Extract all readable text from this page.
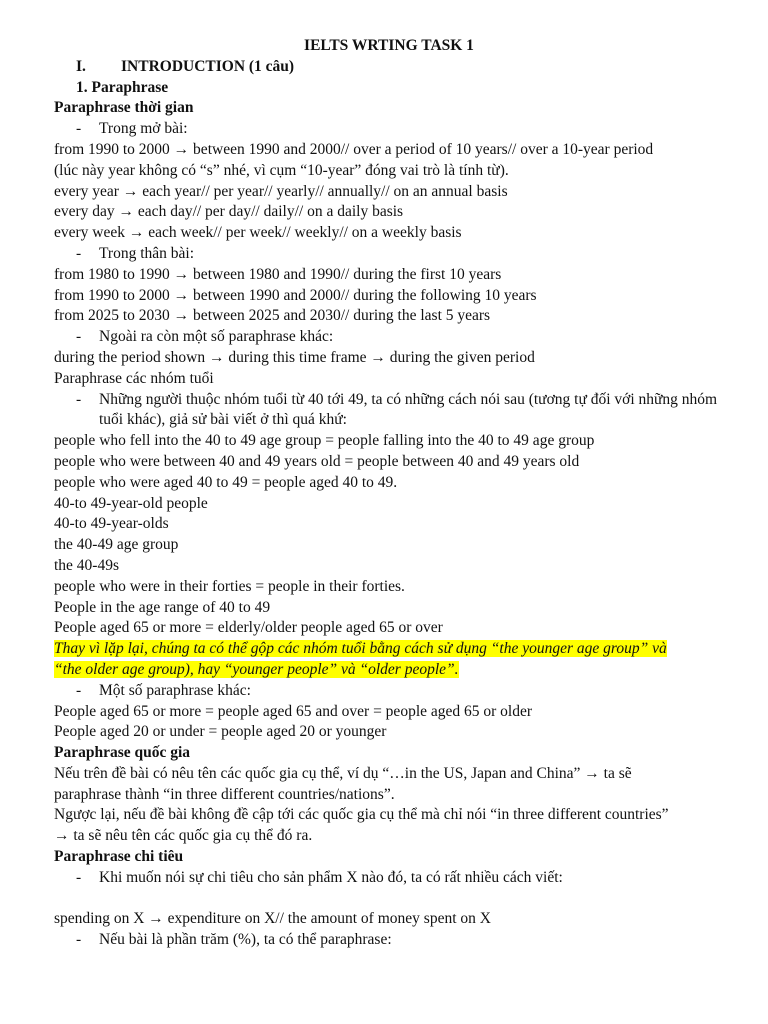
IELTS WRTING TASK 1
I.	INTRODUCTION (1 câu)
1. Paraphrase
Paraphrase thời gian
-	Trong mở bài:
from 1990 to 2000 → between 1990 and 2000// over a period of 10 years// over a 10-year period
(lúc này year không có “s” nhé, vì cụm “10-year” đóng vai trò là tính từ).
every year → each year// per year// yearly// annually// on an annual basis
every day → each day// per day// daily// on a daily basis
every week → each week// per week// weekly// on a weekly basis
-	Trong thân bài:
from 1980 to 1990 → between 1980 and 1990// during the first 10 years
from 1990 to 2000 → between 1990 and 2000// during the following 10 years
from 2025 to 2030 → between 2025 and 2030// during the last 5 years
-	Ngoài ra còn một số paraphrase khác:
during the period shown → during this time frame → during the given period
Paraphrase các nhóm tuổi
-	Những người thuộc nhóm tuổi từ 40 tới 49, ta có những cách nói sau (tương tự đối với những nhóm tuổi khác), giả sử bài viết ở thì quá khứ:
people who fell into the 40 to 49 age group = people falling into the 40 to 49 age group
people who were between 40 and 49 years old = people between 40 and 49 years old
people who were aged 40 to 49 = people aged 40 to 49.
40-to 49-year-old people
40-to 49-year-olds
the 40-49 age group
the 40-49s
people who were in their forties = people in their forties.
People in the age range of 40 to 49
People aged 65 or more = elderly/older people aged 65 or over
Thay vì lặp lại, chúng ta có thể gộp các nhóm tuổi bằng cách sử dụng “the younger age group” và
“the older age group), hay “younger people” và “older people”.
-	Một số paraphrase khác:
People aged 65 or more = people aged 65 and over = people aged 65 or older
People aged 20 or under = people aged 20 or younger
Paraphrase quốc gia
Nếu trên đề bài có nêu tên các quốc gia cụ thể, ví dụ “…in the US, Japan and China” → ta sẽ
paraphrase thành “in three different countries/nations”.
Ngược lại, nếu đề bài không đề cập tới các quốc gia cụ thể mà chỉ nói “in three different countries”
→ ta sẽ nêu tên các quốc gia cụ thể đó ra.
Paraphrase chi tiêu
-	Khi muốn nói sự chi tiêu cho sản phẩm X nào đó, ta có rất nhiều cách viết:
spending on X → expenditure on X// the amount of money spent on X
-	Nếu bài là phần trăm (%), ta có thể paraphrase:
